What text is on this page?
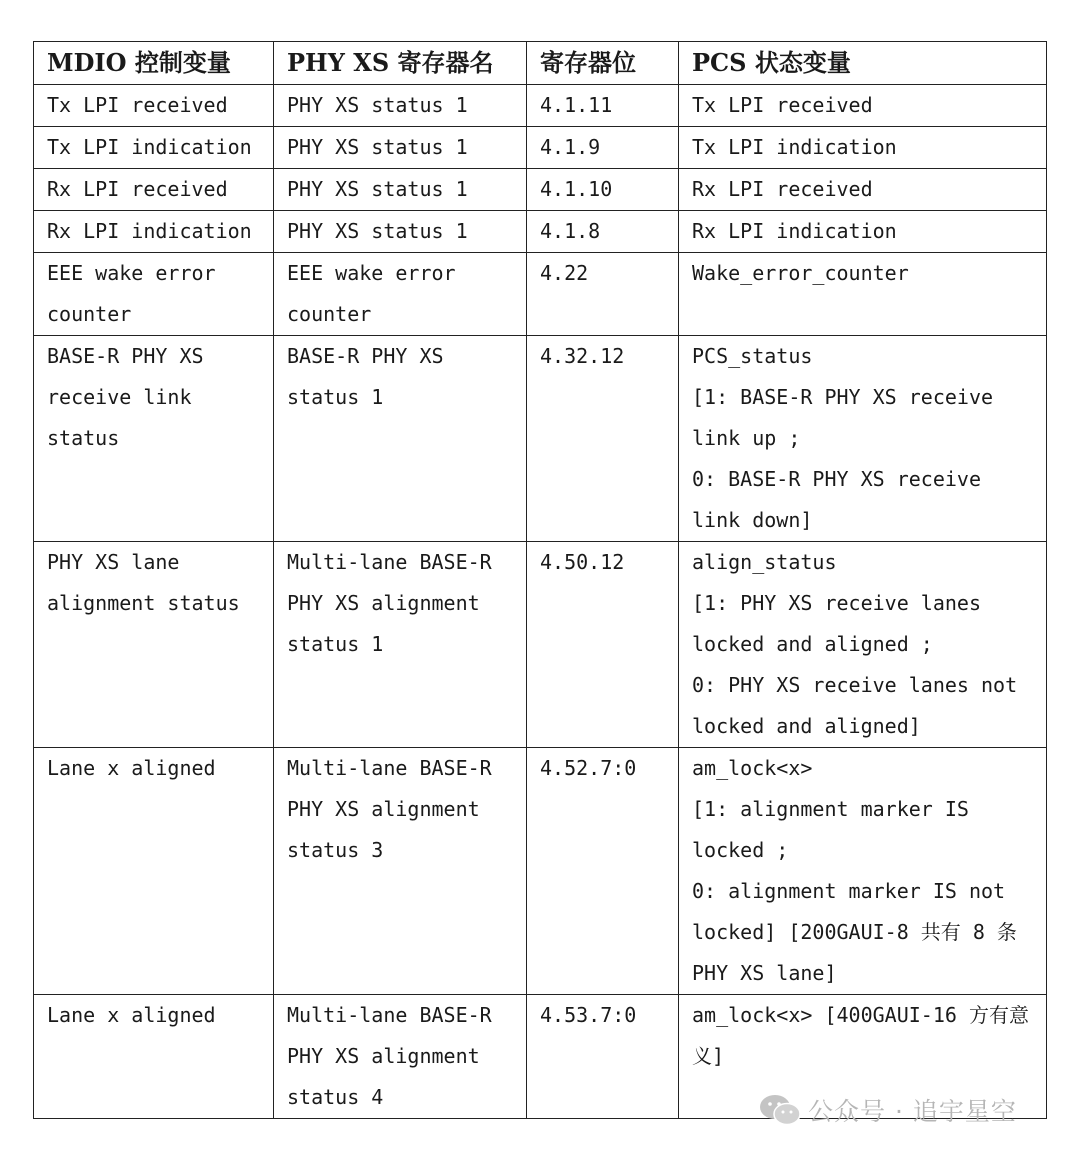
MDIO 控制变量	PHY XS 寄存器名	寄存器位	PCS 状态变量
Tx LPI received	PHY XS status 1	4.1.11	Tx LPI received

Tx LPI indication	PHY XS status 1	4.1.9	Tx LPI indication

Rx LPI received	PHY XS status 1	4.1.10	Rx LPI received

Rx LPI indication	PHY XS status 1	4.1.8	Rx LPI indication

EEE wake error counter	EEE wake error counter	4.22	Wake_error_counter

BASE-R PHY XS receive link status	BASE-R PHY XS status 1	4.32.12	PCS_status
[1: BASE-R PHY XS receive link up ;
0: BASE-R PHY XS receive link down]

PHY XS lane alignment status	Multi-lane BASE-R PHY XS alignment status 1	4.50.12	align_status
[1: PHY XS receive lanes locked and aligned ;
0: PHY XS receive lanes not locked and aligned]

Lane x aligned	Multi-lane BASE-R PHY XS alignment status 3	4.52.7:0	am_lock<x>
[1: alignment marker IS locked ;
0: alignment marker IS not locked] [200GAUI-8 共有 8 条 PHY XS lane]

Lane x aligned	Multi-lane BASE-R PHY XS alignment status 4	4.53.7:0	am_lock<x> [400GAUI-16 方有意义]
公众号 · 追宇星空
